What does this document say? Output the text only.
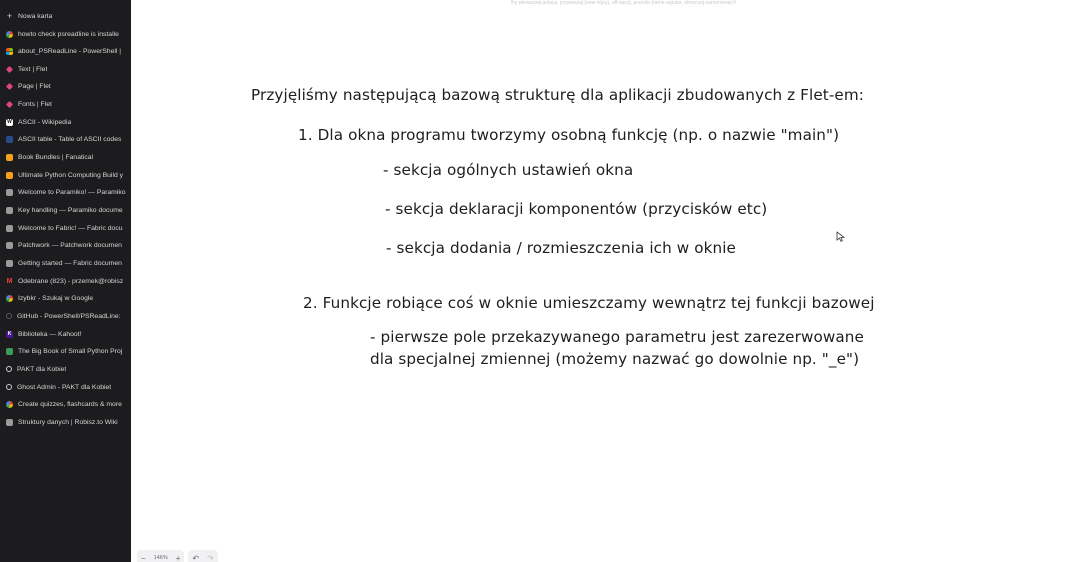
+ Nowa karta
howto check psreadline is installe
about_PSReadLine - PowerShell |
Text | Flet
Page | Flet
Fonts | Flet
W ASCII - Wikipedia
ASCII table - Table of ASCII codes
Book Bundles | Fanatical
Ultimate Python Computing Build y
Welcome to Paramiko! — Paramiko
Key handling — Paramiko docume
Welcome to Fabric! — Fabric docu
Patchwork — Patchwork documen
Getting started — Fabric documen
M Odebrane (823) - przemek@robisz
Izybkr - Szukaj w Google
GitHub - PowerShell/PSReadLine:
K Biblioteka — Kahoot!
The Big Book of Small Python Proj
PAKT dla Kobiet
Ghost Admin - PAKT dla Kobiet
Create quizzes, flashcards & more
Struktury danych | Robisz.to Wiki
lhy pterwszeji polaca, przywiszaj (eow-stytu), off-sprcji, poorzle-(mrne-agnata, stmscuoj-zamorzenej-fi
Przyjęliśmy następującą bazową strukturę dla aplikacji zbudowanych z Flet-em:
1. Dla okna programu tworzymy osobną funkcję (np. o nazwie "main")
- sekcja ogólnych ustawień okna
- sekcja deklaracji komponentów (przycisków etc)
- sekcja dodania / rozmieszczenia ich w oknie
2. Funkcje robiące coś w oknie umieszczamy wewnątrz tej funkcji bazowej
- pierwsze pole przekazywanego parametru jest zarezerwowane
dla specjalnej zmiennej (możemy nazwać go dowolnie np. "_e")
− 146% + ↶ ↷
